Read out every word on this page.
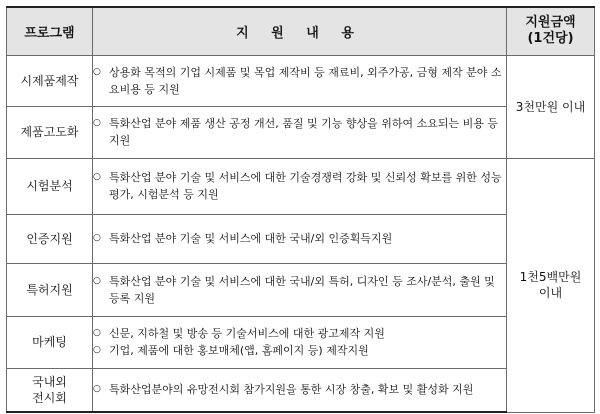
프로그램	지 원 내 용	지원금액
(1건당)

시제품제작	○ 상용화 목적의 기업 시제품 및 목업 제작비 등 재료비, 외주가공, 금형 제작 분야 소요비용 등 지원	3천만원 이내

제품고도화	○ 특화산업 분야 제품 생산 공정 개선, 품질 및 기능 향상을 위하여 소요되는 비용 등 지원	

시험분석	○ 특화산업 분야 기술 및 서비스에 대한 기술경쟁력 강화 및 신뢰성 확보를 위한 성능평가, 시험분석 등 지원	1천5백만원
이내

인증지원	○ 특화산업 분야 기술 및 서비스에 대한 국내/외 인증획득지원	

특허지원	○ 특화산업 분야 기술 및 서비스에 대한 국내/외 특허, 디자인 등 조사/분석, 출원 및 등록 지원	

마케팅	○ 신문, 지하철 및 방송 등 기술서비스에 대한 광고제작 지원
○ 기업, 제품에 대한 홍보매체(앱, 홈페이지 등) 제작지원	

국내외
전시회	○ 특화산업분야의 유망전시회 참가지원을 통한 시장 창출, 확보 및 활성화 지원	
